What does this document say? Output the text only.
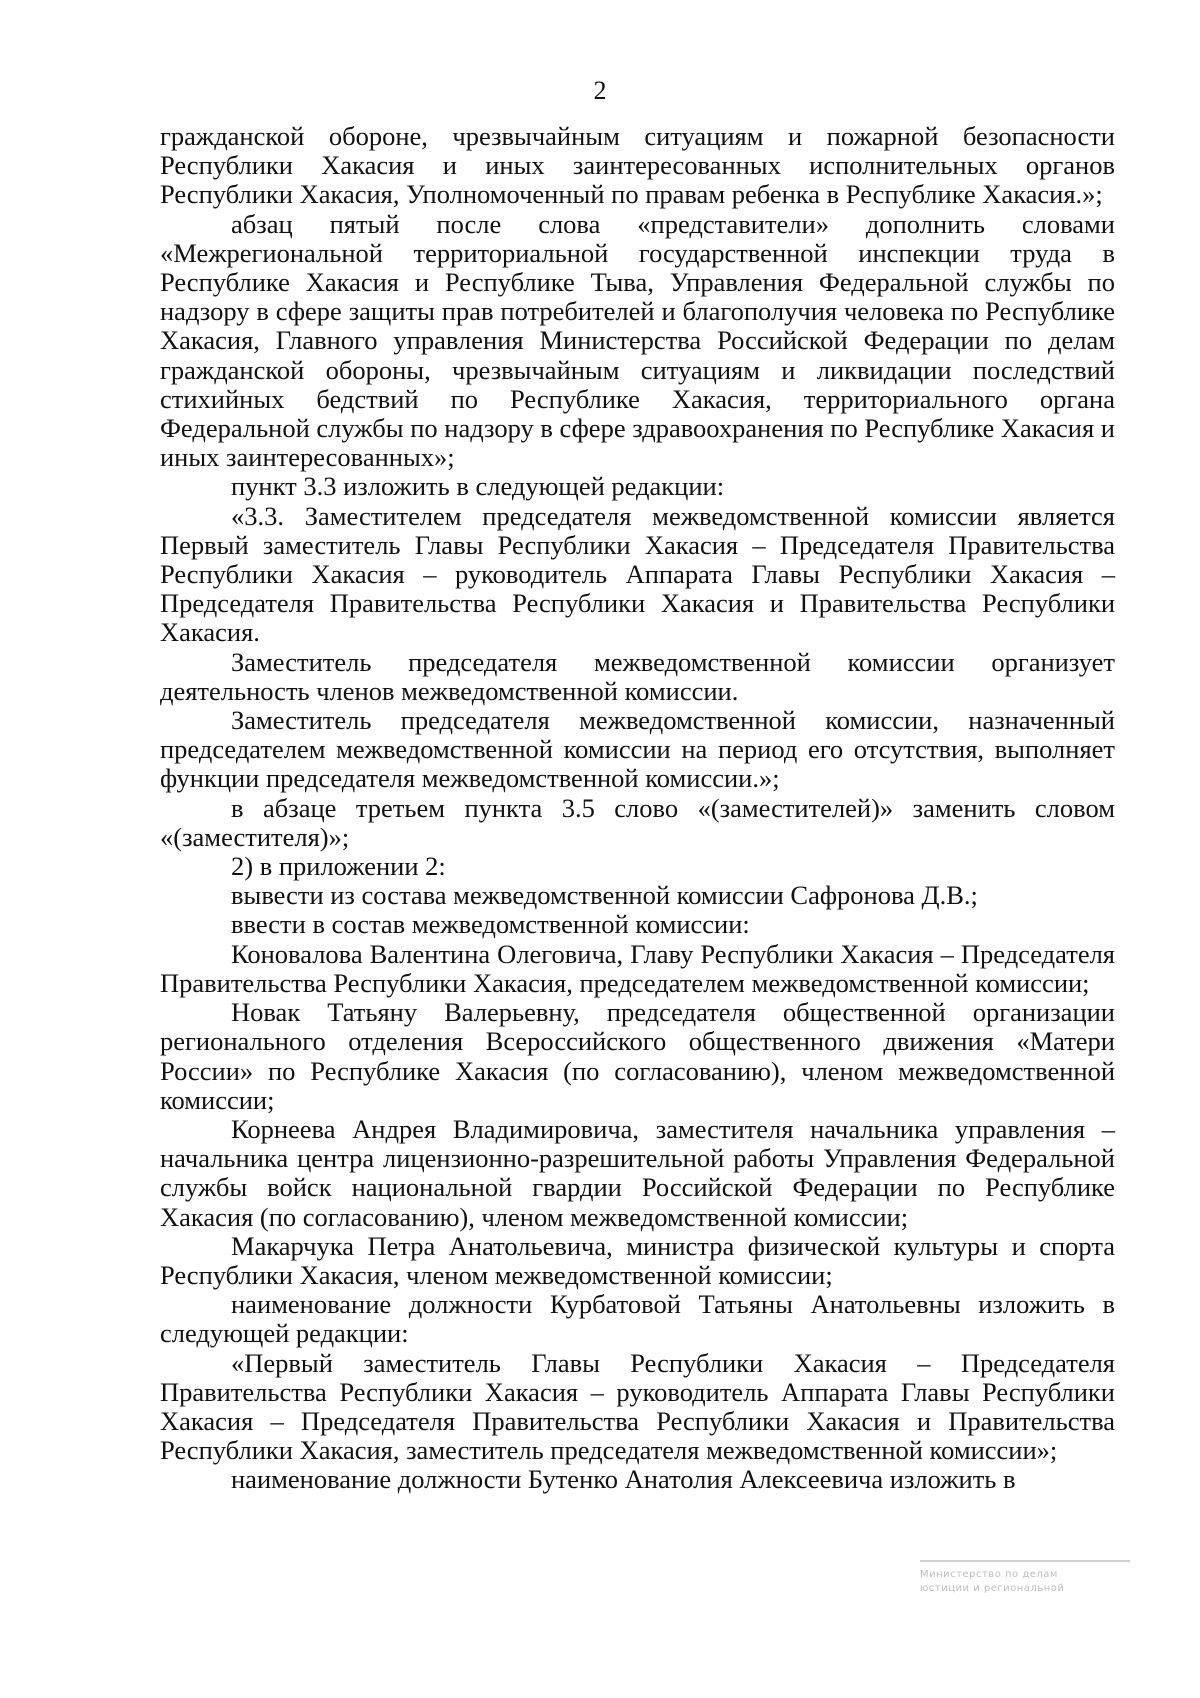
2

гражданской обороне, чрезвычайным ситуациям и пожарной безопасности Республики Хакасия и иных заинтересованных исполнительных органов Республики Хакасия, Уполномоченный по правам ребенка в Республике Хакасия.»;

абзац пятый после слова «представители» дополнить словами «Межрегиональной территориальной государственной инспекции труда в Республике Хакасия и Республике Тыва, Управления Федеральной службы по надзору в сфере защиты прав потребителей и благополучия человека по Республике Хакасия, Главного управления Министерства Российской Федерации по делам гражданской обороны, чрезвычайным ситуациям и ликвидации последствий стихийных бедствий по Республике Хакасия, территориального органа Федеральной службы по надзору в сфере здравоохранения по Республике Хакасия и иных заинтересованных»;

пункт 3.3 изложить в следующей редакции:

«3.3. Заместителем председателя межведомственной комиссии является Первый заместитель Главы Республики Хакасия – Председателя Правительства Республики Хакасия – руководитель Аппарата Главы Республики Хакасия – Председателя Правительства Республики Хакасия и Правительства Республики Хакасия.

Заместитель председателя межведомственной комиссии организует деятельность членов межведомственной комиссии.

Заместитель председателя межведомственной комиссии, назначенный председателем межведомственной комиссии на период его отсутствия, выполняет функции председателя межведомственной комиссии.»;

в абзаце третьем пункта 3.5 слово «(заместителей)» заменить словом «(заместителя)»;

2) в приложении 2:

вывести из состава межведомственной комиссии Сафронова Д.В.;

ввести в состав межведомственной комиссии:

Коновалова Валентина Олеговича, Главу Республики Хакасия – Председателя Правительства Республики Хакасия, председателем межведомственной комиссии;

Новак Татьяну Валерьевну, председателя общественной организации регионального отделения Всероссийского общественного движения «Матери России» по Республике Хакасия (по согласованию), членом межведомственной комиссии;

Корнеева Андрея Владимировича, заместителя начальника управления – начальника центра лицензионно-разрешительной работы Управления Федеральной службы войск национальной гвардии Российской Федерации по Республике Хакасия (по согласованию), членом межведомственной комиссии;

Макарчука Петра Анатольевича, министра физической культуры и спорта Республики Хакасия, членом межведомственной комиссии;

наименование должности Курбатовой Татьяны Анатольевны изложить в следующей редакции:

«Первый заместитель Главы Республики Хакасия – Председателя Правительства Республики Хакасия – руководитель Аппарата Главы Республики Хакасия – Председателя Правительства Республики Хакасия и Правительства Республики Хакасия, заместитель председателя межведомственной комиссии»;

наименование должности Бутенко Анатолия Алексеевича изложить в

Министерство по делам
юстиции и региональной
